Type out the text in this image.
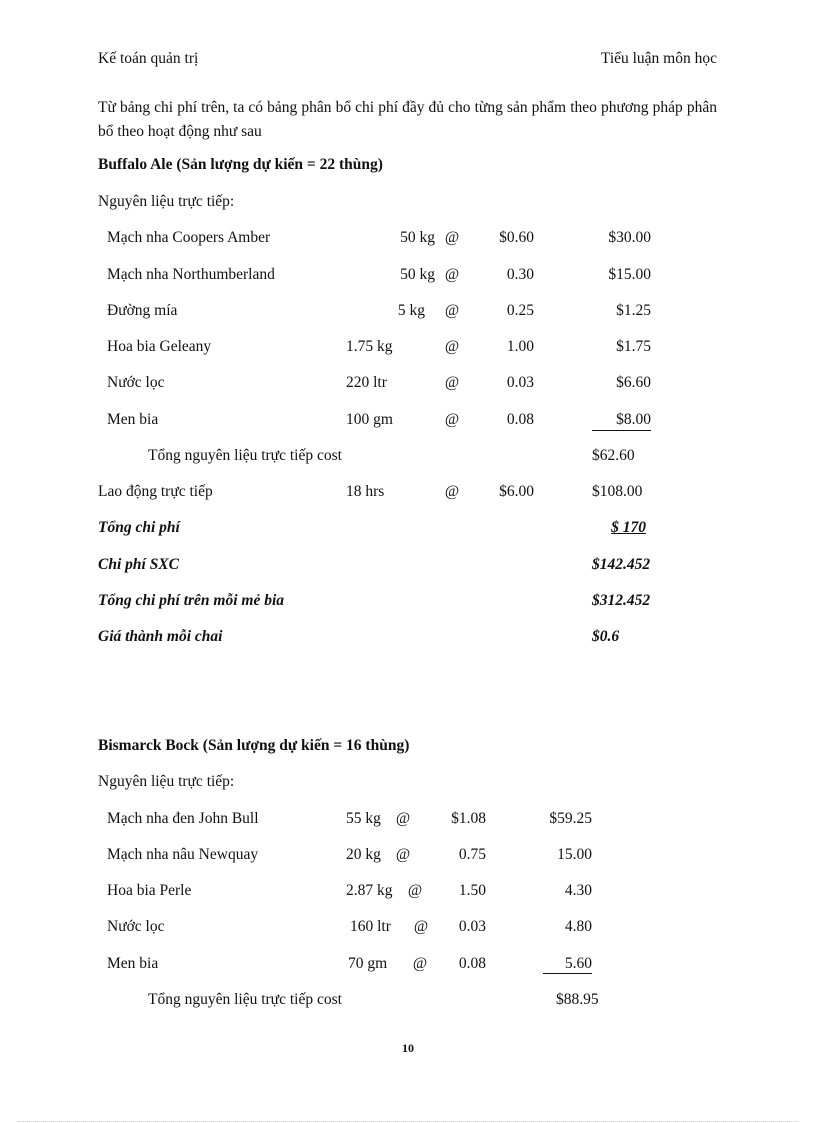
Kế toán quản trị	Tiểu luận môn học
Từ bảng chi phí trên, ta có bảng phân bổ chi phí đầy đủ cho từng sản phẩm theo phương pháp phân bổ theo hoạt động như sau
Buffalo Ale (Sản lượng dự kiến = 22 thùng)
Nguyên liệu trực tiếp:
Mạch nha Coopers Amber	50 kg @	$0.60	$30.00
Mạch nha Northumberland	50 kg @	0.30	$15.00
Đường mía	5 kg @	0.25	$1.25
Hoa bia Geleany	1.75 kg	@	1.00	$1.75
Nước lọc	220 ltr	@	0.03	$6.60
Men bia	100 gm	@	0.08	$8.00
Tổng nguyên liệu trực tiếp cost	$62.60
Lao động trực tiếp	18 hrs	@	$6.00	$108.00
Tổng chi phí	$ 170
Chi phí SXC	$142.452
Tổng chi phí trên mỗi mẻ bia	$312.452
Giá thành mỗi chai	$0.6
Bismarck Bock (Sản lượng dự kiến = 16 thùng)
Nguyên liệu trực tiếp:
Mạch nha đen John Bull	55 kg @	$1.08	$59.25
Mạch nha nâu Newquay	20 kg @	0.75	15.00
Hoa bia Perle	2.87 kg @	1.50	4.30
Nước lọc	160 ltr @	0.03	4.80
Men bia	70 gm @	0.08	5.60
Tổng nguyên liệu trực tiếp cost	$88.95
10
